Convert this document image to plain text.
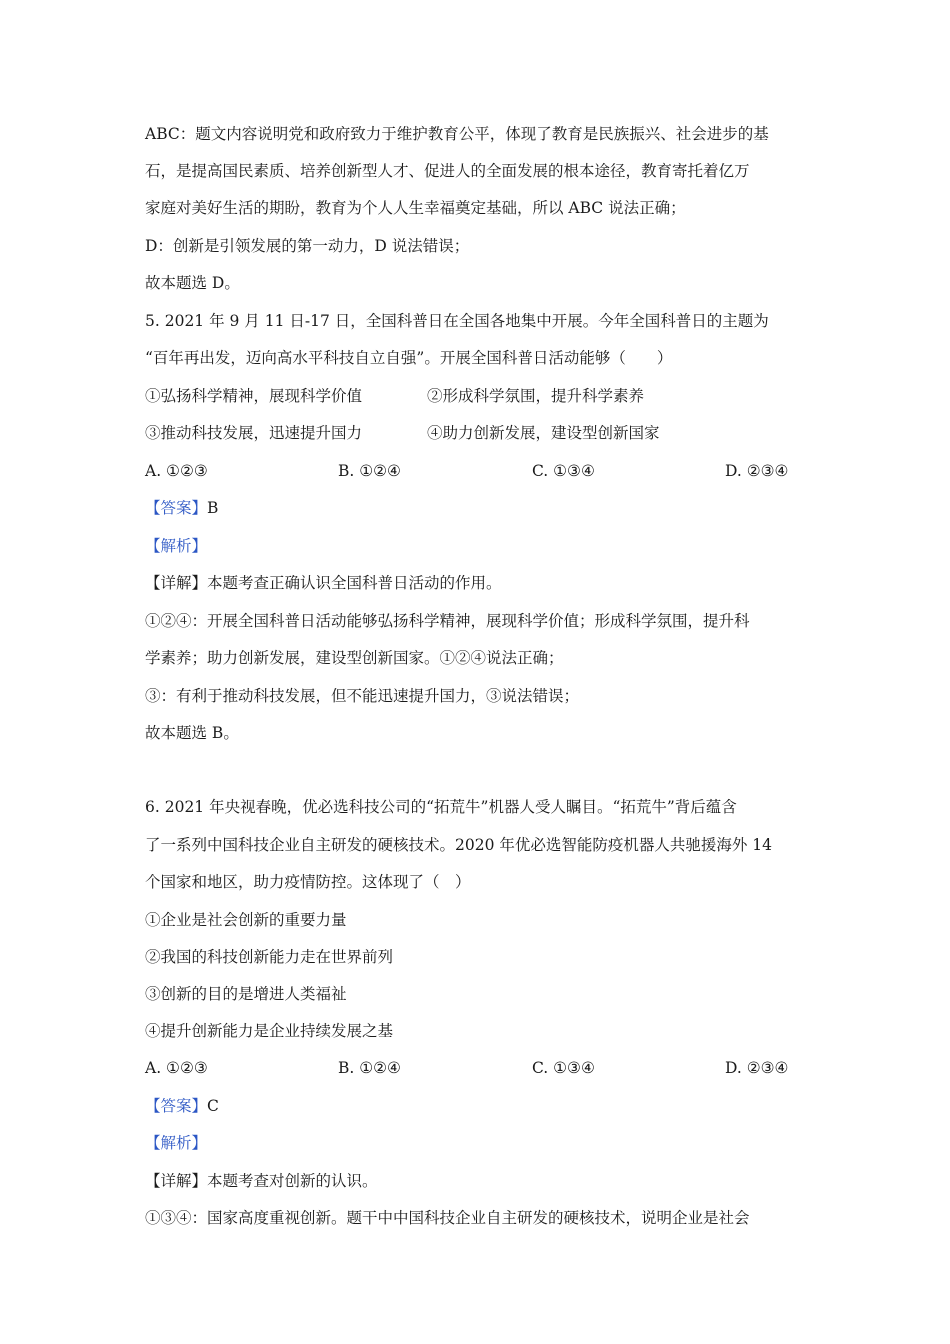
ABC：题文内容说明党和政府致力于维护教育公平，体现了教育是民族振兴、社会进步的基
石，是提高国民素质、培养创新型人才、促进人的全面发展的根本途径，教育寄托着亿万
家庭对美好生活的期盼，教育为个人人生幸福奠定基础，所以 ABC 说法正确；
D：创新是引领发展的第一动力，D 说法错误；
故本题选 D。
5. 2021 年 9 月 11 日-17 日，全国科普日在全国各地集中开展。今年全国科普日的主题为
“百年再出发，迈向高水平科技自立自强”。开展全国科普日活动能够（　　）
①弘扬科学精神，展现科学价值	②形成科学氛围，提升科学素养
③推动科技发展，迅速提升国力	④助力创新发展，建设型创新国家
A. ①②③	B. ①②④	C. ①③④	D. ②③④
【答案】B
【解析】
【详解】本题考查正确认识全国科普日活动的作用。
①②④：开展全国科普日活动能够弘扬科学精神，展现科学价值；形成科学氛围，提升科
学素养；助力创新发展，建设型创新国家。①②④说法正确；
③：有利于推动科技发展，但不能迅速提升国力，③说法错误；
故本题选 B。
6. 2021 年央视春晚，优必选科技公司的“拓荒牛”机器人受人瞩目。“拓荒牛”背后蕴含
了一系列中国科技企业自主研发的硬核技术。2020 年优必选智能防疫机器人共驰援海外 14
个国家和地区，助力疫情防控。这体现了（　）
①企业是社会创新的重要力量
②我国的科技创新能力走在世界前列
③创新的目的是增进人类福祉
④提升创新能力是企业持续发展之基
A. ①②③	B. ①②④	C. ①③④	D. ②③④
【答案】C
【解析】
【详解】本题考查对创新的认识。
①③④：国家高度重视创新。题干中中国科技企业自主研发的硬核技术，说明企业是社会
